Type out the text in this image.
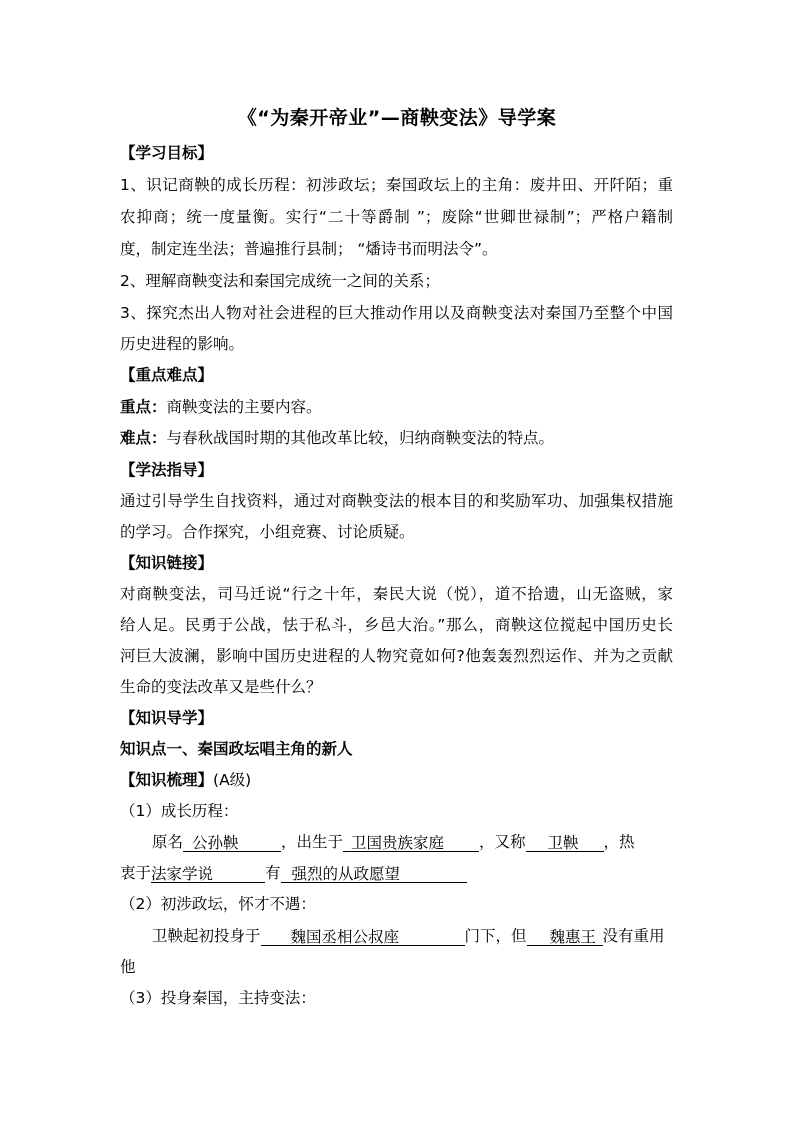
《“为秦开帝业”—商鞅变法》导学案
【学习目标】
1、识记商鞅的成长历程：初涉政坛；秦国政坛上的主角：废井田、开阡陌；重
农抑商；统一度量衡。实行“二十等爵制 ”；废除“世卿世禄制”；严格户籍制
度，制定连坐法；普遍推行县制； “燔诗书而明法令”。
2、理解商鞅变法和秦国完成统一之间的关系；
3、探究杰出人物对社会进程的巨大推动作用以及商鞅变法对秦国乃至整个中国
历史进程的影响。
【重点难点】
重点：商鞅变法的主要内容。
难点：与春秋战国时期的其他改革比较，归纳商鞅变法的特点。
【学法指导】
通过引导学生自找资料，通过对商鞅变法的根本目的和奖励军功、加强集权措施
的学习。合作探究，小组竞赛、讨论质疑。
【知识链接】
对商鞅变法，司马迁说“行之十年，秦民大说（悦），道不拾遗，山无盗贼，家
给人足。民勇于公战，怯于私斗，乡邑大治。”那么，商鞅这位搅起中国历史长
河巨大波澜，影响中国历史进程的人物究竟如何?他轰轰烈烈运作、并为之贡献
生命的变法改革又是些什么？
【知识导学】
知识点一、秦国政坛唱主角的新人
【知识梳理】(A级)
（1）成长历程：
原名 公孙鞅	，出生于 卫国贵族家庭 ，又称 卫鞅 ，热
衷于法家学说	有 强烈的从政愿望
（2）初涉政坛，怀才不遇：
卫鞅起初投身于 魏国丞相公叔座	门下，但 魏惠王 没有重用
他
（3）投身秦国，主持变法：
